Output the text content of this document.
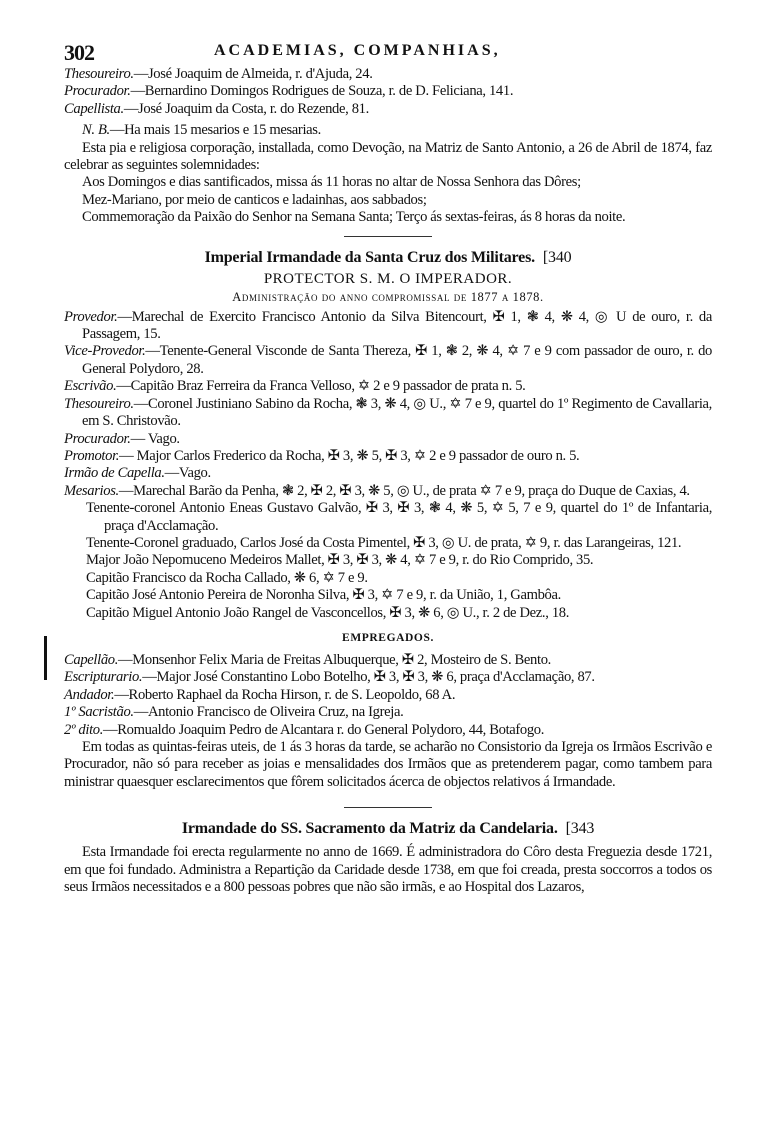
302	ACADEMIAS, COMPANHIAS,

Thesoureiro.—José Joaquim de Almeida, r. d'Ajuda, 24.

Procurador.—Bernardino Domingos Rodrigues de Souza, r. de D. Feliciana, 141.

Capellista.—José Joaquim da Costa, r. do Rezende, 81.

N. B.—Ha mais 15 mesarios e 15 mesarias.

Esta pia e religiosa corporação, installada, como Devoção, na Matriz de Santo Antonio, a 26 de Abril de 1874, faz celebrar as seguintes solemnidades:

Aos Domingos e dias santificados, missa ás 11 horas no altar de Nossa Senhora das Dôres;

Mez-Mariano, por meio de canticos e ladainhas, aos sabbados;

Commemoração da Paixão do Senhor na Semana Santa; Terço ás sextas-feiras, ás 8 horas da noite.

Imperial Irmandade da Santa Cruz dos Militares. [340
PROTECTOR S. M. O IMPERADOR.
Administração do anno compromissal de 1877 a 1878.

Provedor.—Marechal de Exercito Francisco Antonio da Silva Bitencourt, ✠ 1, ❃ 4, ❋ 4, ◎ U de ouro, r. da Passagem, 15.

Vice-Provedor.—Tenente-General Visconde de Santa Thereza, ✠ 1, ❃ 2, ❋ 4, ✡ 7 e 9 com passador de ouro, r. do General Polydoro, 28.

Escrivão.—Capitão Braz Ferreira da Franca Velloso, ✡ 2 e 9 passador de prata n. 5.

Thesoureiro.—Coronel Justiniano Sabino da Rocha, ❃ 3, ❋ 4, ◎ U., ✡ 7 e 9, quartel do 1º Regimento de Cavallaria, em S. Christovão.

Procurador.— Vago.

Promotor.— Major Carlos Frederico da Rocha, ✠ 3, ❋ 5, ✠ 3, ✡ 2 e 9 passador de ouro n. 5.

Irmão de Capella.—Vago.

Mesarios.—Marechal Barão da Penha, ❃ 2, ✠ 2, ✠ 3, ❋ 5, ◎ U., de prata ✡ 7 e 9, praça do Duque de Caxias, 4.

Tenente-coronel Antonio Eneas Gustavo Galvão, ✠ 3, ✠ 3, ❃ 4, ❋ 5, ✡ 5, 7 e 9, quartel do 1º de Infantaria, praça d'Acclamação.

Tenente-Coronel graduado, Carlos José da Costa Pimentel, ✠ 3, ◎ U. de prata, ✡ 9, r. das Larangeiras, 121.

Major João Nepomuceno Medeiros Mallet, ✠ 3, ✠ 3, ❋ 4, ✡ 7 e 9, r. do Rio Comprido, 35.

Capitão Francisco da Rocha Callado, ❋ 6, ✡ 7 e 9.

Capitão José Antonio Pereira de Noronha Silva, ✠ 3, ✡ 7 e 9, r. da União, 1, Gambôa.

Capitão Miguel Antonio João Rangel de Vasconcellos, ✠ 3, ❋ 6, ◎ U., r. 2 de Dez., 18.

EMPREGADOS.

Capellão.—Monsenhor Felix Maria de Freitas Albuquerque, ✠ 2, Mosteiro de S. Bento.

Escripturario.—Major José Constantino Lobo Botelho, ✠ 3, ✠ 3, ❋ 6, praça d'Acclamação, 87.

Andador.—Roberto Raphael da Rocha Hirson, r. de S. Leopoldo, 68 A.

1º Sacristão.—Antonio Francisco de Oliveira Cruz, na Igreja.

2º dito.—Romualdo Joaquim Pedro de Alcantara r. do General Polydoro, 44, Botafogo.

Em todas as quintas-feiras uteis, de 1 ás 3 horas da tarde, se acharão no Consistorio da Igreja os Irmãos Escrivão e Procurador, não só para receber as joias e mensalidades dos Irmãos que as pretenderem pagar, como tambem para ministrar quaesquer esclarecimentos que fôrem solicitados ácerca de objectos relativos á Irmandade.

Irmandade do SS. Sacramento da Matriz da Candelaria. [343

Esta Irmandade foi erecta regularmente no anno de 1669. É administradora do Côro desta Freguezia desde 1721, em que foi fundado. Administra a Repartição da Caridade desde 1738, em que foi creada, presta soccorros a todos os seus Irmãos necessitados e a 800 pessoas pobres que não são irmãs, e ao Hospital dos Lazaros,
